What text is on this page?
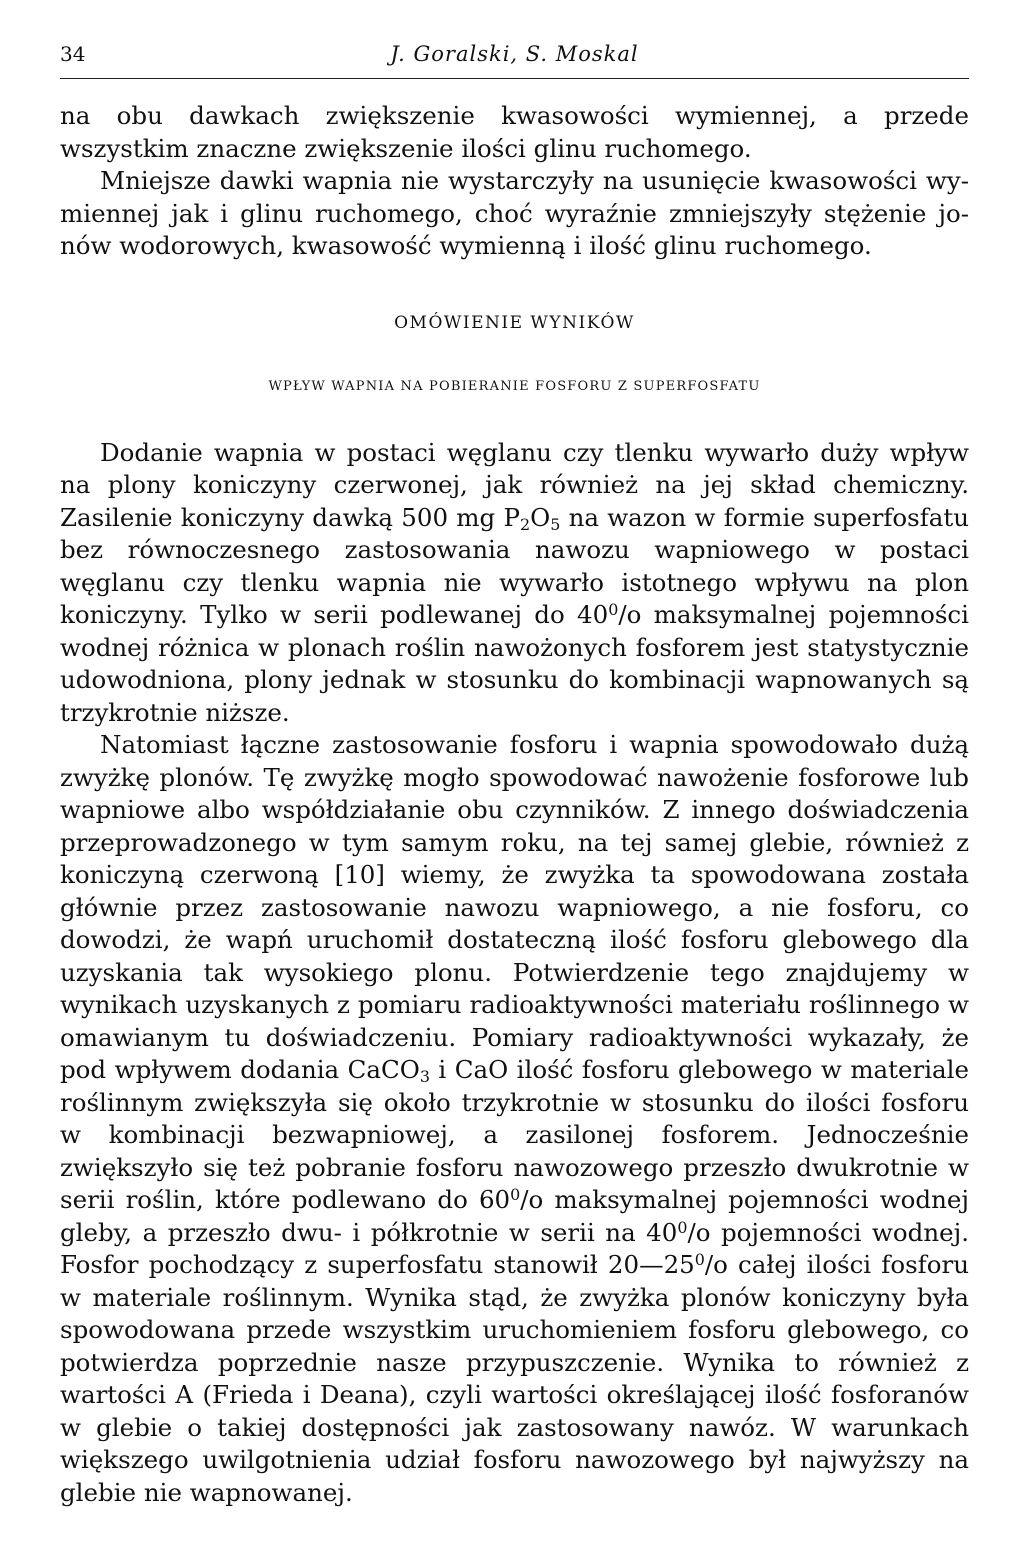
34	J. Goralski, S. Moskal

na obu dawkach zwiększenie kwasowości wymiennej, a przede wszystkim znaczne zwiększenie ilości glinu ruchomego.

Mniejsze dawki wapnia nie wystarczyły na usunięcie kwasowości wymiennej jak i glinu ruchomego, choć wyraźnie zmniejszyły stężenie jonów wodorowych, kwasowość wymienną i ilość glinu ruchomego.

OMÓWIENIE WYNIKÓW

WPŁYW WAPNIA NA POBIERANIE FOSFORU Z SUPERFOSFATU

Dodanie wapnia w postaci węglanu czy tlenku wywarło duży wpływ na plony koniczyny czerwonej, jak również na jej skład chemiczny. Zasilenie koniczyny dawką 500 mg $P_2O_5$ na wazon w formie superfosfatu bez równoczesnego zastosowania nawozu wapniowego w postaci węglanu czy tlenku wapnia nie wywarło istotnego wpływu na plon koniczyny. Tylko w serii podlewanej do $40^0/o$ maksymalnej pojemności wodnej różnica w plonach roślin nawożonych fosforem jest statystycznie udowodniona, plony jednak w stosunku do kombinacji wapnowanych są trzykrotnie niższe.

Natomiast łączne zastosowanie fosforu i wapnia spowodowało dużą zwyżkę plonów. Tę zwyżkę mogło spowodować nawożenie fosforowe lub wapniowe albo współdziałanie obu czynników. Z innego doświadczenia przeprowadzonego w tym samym roku, na tej samej glebie, również z koniczyną czerwoną [10] wiemy, że zwyżka ta spowodowana została głównie przez zastosowanie nawozu wapniowego, a nie fosforu, co dowodzi, że wapń uruchomił dostateczną ilość fosforu glebowego dla uzyskania tak wysokiego plonu. Potwierdzenie tego znajdujemy w wynikach uzyskanych z pomiaru radioaktywności materiału roślinnego w omawianym tu doświadczeniu. Pomiary radioaktywności wykazały, że pod wpływem dodania CaCO$_3$ i CaO ilość fosforu glebowego w materiale roślinnym zwiększyła się około trzykrotnie w stosunku do ilości fosforu w kombinacji bezwapniowej, a zasilonej fosforem. Jednocześnie zwiększyło się też pobranie fosforu nawozowego przeszło dwukrotnie w serii roślin, które podlewano do $60^0/o$ maksymalnej pojemności wodnej gleby, a przeszło dwu- i półkrotnie w serii na $40^0/o$ pojemności wodnej. Fosfor pochodzący z superfosfatu stanowił $20—25^0/o$ całej ilości fosforu w materiale roślinnym. Wynika stąd, że zwyżka plonów koniczyny była spowodowana przede wszystkim uruchomieniem fosforu glebowego, co potwierdza poprzednie nasze przypuszczenie. Wynika to również z wartości A (Frieda i Deana), czyli wartości określającej ilość fosforanów w glebie o takiej dostępności jak zastosowany nawóz. W warunkach większego uwilgotnienia udział fosforu nawozowego był najwyższy na glebie nie wapnowanej.
